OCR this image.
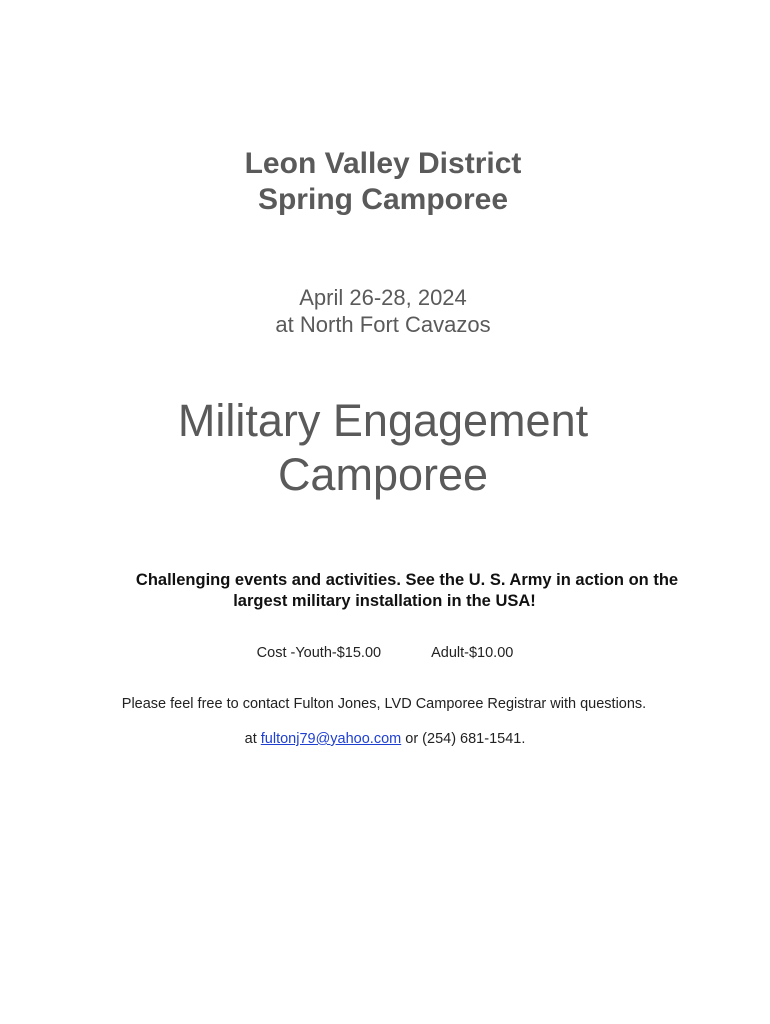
Leon Valley District
Spring Camporee
April 26-28, 2024
at North Fort Cavazos
Military Engagement
Camporee
Challenging events and activities. See the U. S. Army in action on the
largest military installation in the USA!
Cost -Youth-$15.00	Adult-$10.00
Please feel free to contact Fulton Jones, LVD Camporee Registrar with questions.
at fultonj79@yahoo.com or (254) 681-1541.
